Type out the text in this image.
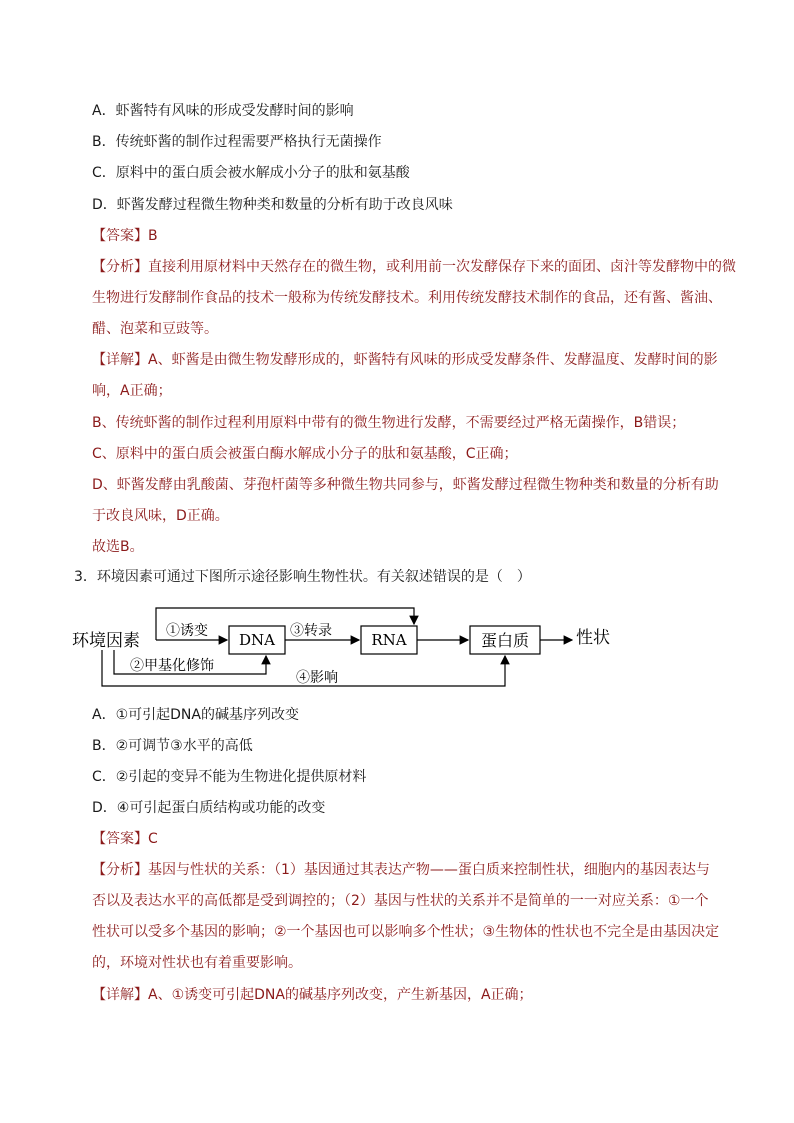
A．虾酱特有风味的形成受发酵时间的影响
B．传统虾酱的制作过程需要严格执行无菌操作
C．原料中的蛋白质会被水解成小分子的肽和氨基酸
D．虾酱发酵过程微生物种类和数量的分析有助于改良风味
【答案】B
【分析】直接利用原材料中天然存在的微生物，或利用前一次发酵保存下来的面团、卤汁等发酵物中的微
生物进行发酵制作食品的技术一般称为传统发酵技术。利用传统发酵技术制作的食品，还有酱、酱油、
醋、泡菜和豆豉等。
【详解】A、虾酱是由微生物发酵形成的，虾酱特有风味的形成受发酵条件、发酵温度、发酵时间的影
响，A正确；
B、传统虾酱的制作过程利用原料中带有的微生物进行发酵，不需要经过严格无菌操作，B错误；
C、原料中的蛋白质会被蛋白酶水解成小分子的肽和氨基酸，C正确；
D、虾酱发酵由乳酸菌、芽孢杆菌等多种微生物共同参与，虾酱发酵过程微生物种类和数量的分析有助
于改良风味，D正确。
故选B。
3．环境因素可通过下图所示途径影响生物性状。有关叙述错误的是（　）
环境因素	DNA	RNA	蛋白质	性状
①诱变	③转录
②甲基化修饰
④影响
A．①可引起DNA的碱基序列改变
B．②可调节③水平的高低
C．②引起的变异不能为生物进化提供原材料
D．④可引起蛋白质结构或功能的改变
【答案】C
【分析】基因与性状的关系：（1）基因通过其表达产物——蛋白质来控制性状，细胞内的基因表达与
否以及表达水平的高低都是受到调控的；（2）基因与性状的关系并不是简单的一一对应关系：①一个
性状可以受多个基因的影响；②一个基因也可以影响多个性状；③生物体的性状也不完全是由基因决定
的，环境对性状也有着重要影响。
【详解】A、①诱变可引起DNA的碱基序列改变，产生新基因，A正确；
